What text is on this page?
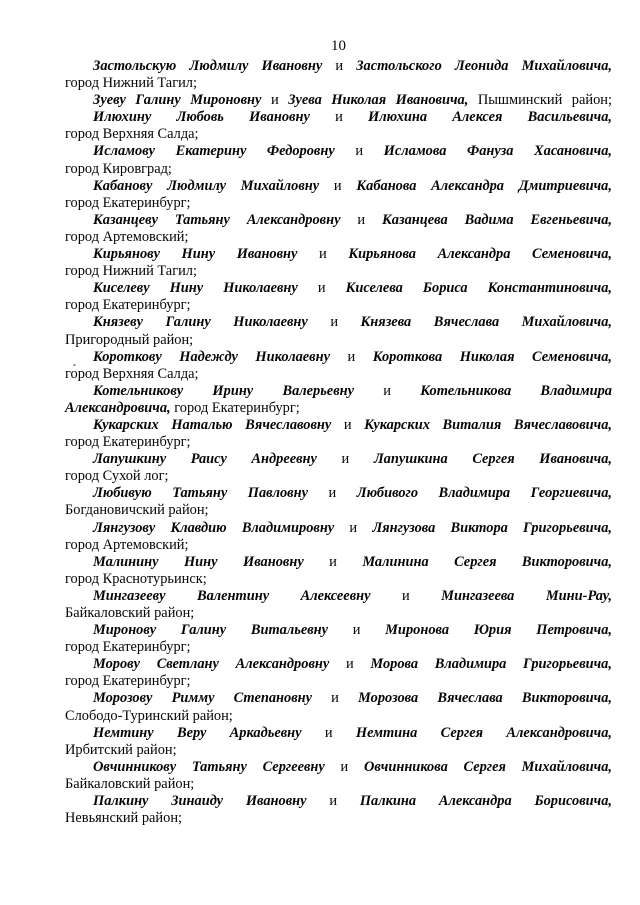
10

Застольскую Людмилу Ивановну и Застольского Леонида Михайловича,
город Нижний Тагил;

Зуеву Галину Мироновну и Зуева Николая Ивановича, Пышминский район;

Илюхину Любовь Ивановну и Илюхина Алексея Васильевича,
город Верхняя Салда;

Исламову Екатерину Федоровну и Исламова Фануза Хасановича,
город Кировград;

Кабанову Людмилу Михайловну и Кабанова Александра Дмитриевича,
город Екатеринбург;

Казанцеву Татьяну Александровну и Казанцева Вадима Евгеньевича,
город Артемовский;

Кирьянову Нину Ивановну и Кирьянова Александра Семеновича,
город Нижний Тагил;

Киселеву Нину Николаевну и Киселева Бориса Константиновича,
город Екатеринбург;

Князеву Галину Николаевну и Князева Вячеслава Михайловича,
Пригородный район;

Короткову Надежду Николаевну и Короткова Николая Семеновича,
город Верхняя Салда;

Котельникову Ирину Валерьевну и Котельникова Владимира
Александровича, город Екатеринбург;

Кукарских Наталью Вячеславовну и Кукарских Виталия Вячеславовича,
город Екатеринбург;

Лапушкину Раису Андреевну и Лапушкина Сергея Ивановича,
город Сухой лог;

Любивую Татьяну Павловну и Любивого Владимира Георгиевича,
Богдановичский район;

Лянгузову Клавдию Владимировну и Лянгузова Виктора Григорьевича,
город Артемовский;

Малинину Нину Ивановну и Малинина Сергея Викторовича,
город Краснотурьинск;

Мингазееву Валентину Алексеевну и Мингазеева Мини-Рау,
Байкаловский район;

Миронову Галину Витальевну и Миронова Юрия Петровича,
город Екатеринбург;

Морову Светлану Александровну и Морова Владимира Григорьевича,
город Екатеринбург;

Морозову Римму Степановну и Морозова Вячеслава Викторовича,
Слободо-Туринский район;

Немтину Веру Аркадьевну и Немтина Сергея Александровича,
Ирбитский район;

Овчинникову Татьяну Сергеевну и Овчинникова Сергея Михайловича,
Байкаловский район;

Палкину Зинаиду Ивановну и Палкина Александра Борисовича,
Невьянский район;
